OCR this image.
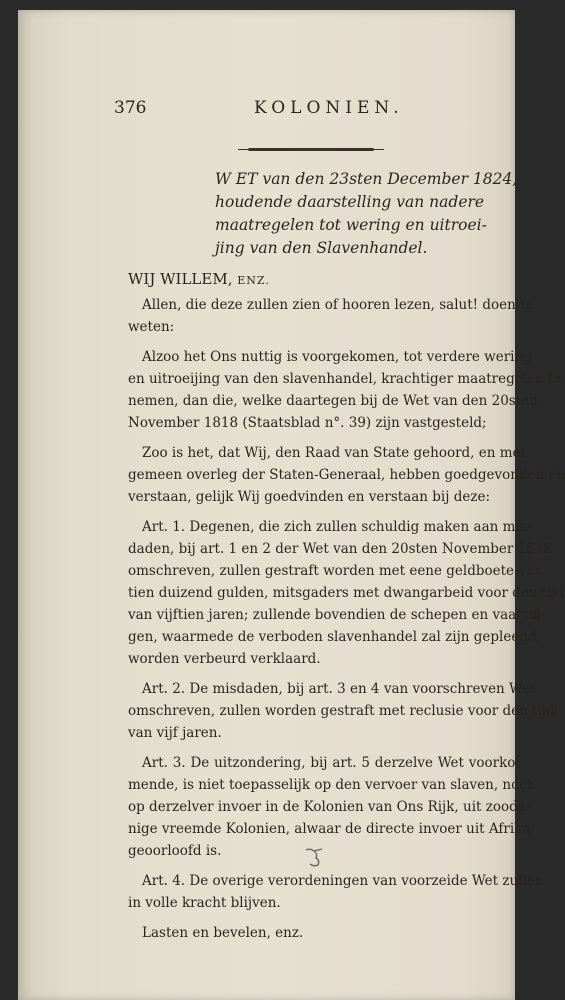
376	KOLONIEN.
W ET van den 23sten December 1824,
houdende daarstelling van nadere
maatregelen tot wering en uitroei-
jing van den Slavenhandel.
WIJ WILLEM, ENZ.
Allen, die deze zullen zien of hooren lezen, salut! doen te
weten:
Alzoo het Ons nuttig is voorgekomen, tot verdere wering
en uitroeijing van den slavenhandel, krachtiger maatregelen te
nemen, dan die, welke daartegen bij de Wet van den 20sten
November 1818 (Staatsblad n°. 39) zijn vastgesteld;
Zoo is het, dat Wij, den Raad van State gehoord, en met
gemeen overleg der Staten-Generaal, hebben goedgevonden en
verstaan, gelijk Wij goedvinden en verstaan bij deze:
Art. 1. Degenen, die zich zullen schuldig maken aan mis-
daden, bij art. 1 en 2 der Wet van den 20sten November 1818
omschreven, zullen gestraft worden met eene geldboete van
tien duizend gulden, mitsgaders met dwangarbeid voor den tijd
van vijftien jaren; zullende bovendien de schepen en vaartui-
gen, waarmede de verboden slavenhandel zal zijn gepleegd,
worden verbeurd verklaard.
Art. 2. De misdaden, bij art. 3 en 4 van voorschreven Wet
omschreven, zullen worden gestraft met reclusie voor den tijd
van vijf jaren.
Art. 3. De uitzondering, bij art. 5 derzelve Wet voorko-
mende, is niet toepasselijk op den vervoer van slaven, noch
op derzelver invoer in de Kolonien van Ons Rijk, uit zooda-
nige vreemde Kolonien, alwaar de directe invoer uit Afrika
geoorloofd is.
Art. 4. De overige verordeningen van voorzeide Wet zullen
in volle kracht blijven.
Lasten en bevelen, enz.
